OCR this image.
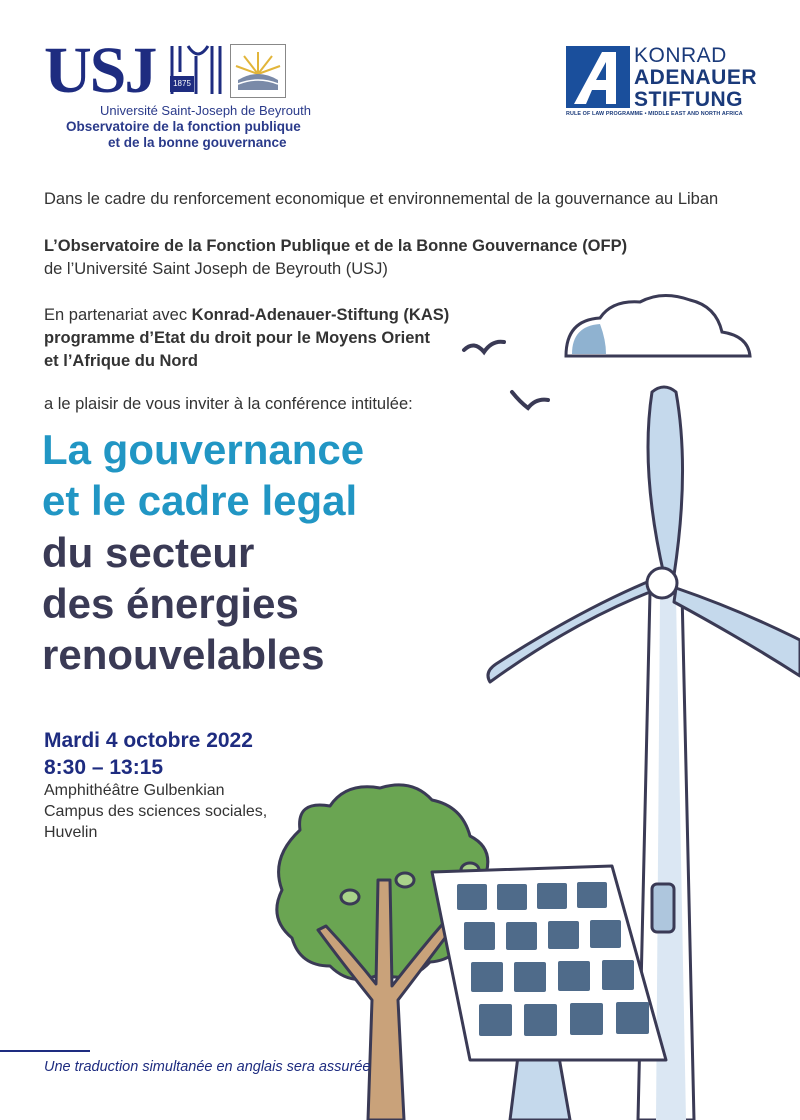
USJ	1875
Université Saint-Joseph de Beyrouth
Observatoire de la fonction publique
et de la bonne gouvernance
KONRAD
ADENAUER
STIFTUNG
RULE OF LAW PROGRAMME • MIDDLE EAST AND NORTH AFRICA
Dans le cadre du renforcement economique et environnemental de la gouvernance au Liban
L’Observatoire de la Fonction Publique et de la Bonne Gouvernance (OFP)
de l’Université Saint Joseph de Beyrouth (USJ)
En partenariat avec Konrad-Adenauer-Stiftung (KAS)
programme d’Etat du droit pour le Moyens Orient
et l’Afrique du Nord
a le plaisir de vous inviter à la conférence intitulée:
La gouvernance
et le cadre legal
du secteur
des énergies
renouvelables
Mardi 4 octobre 2022
8:30 – 13:15
Amphithéâtre Gulbenkian
Campus des sciences sociales,
Huvelin
Une traduction simultanée en anglais sera assurée
